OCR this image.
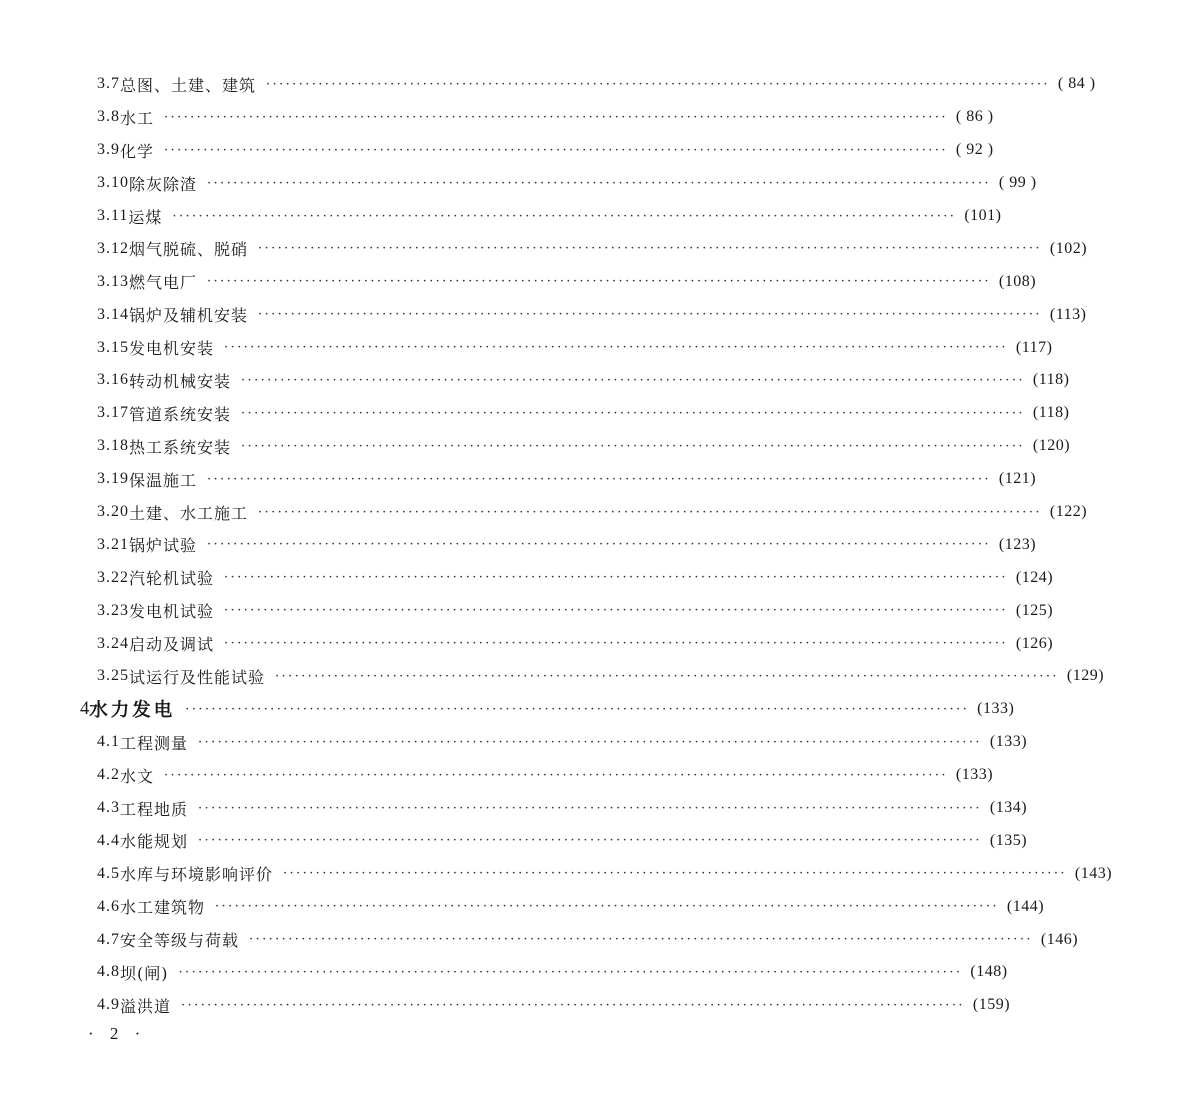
3.7 总图、土建、建筑 ························································································································ ( 84 )
3.8 水工 ························································································································ ( 86 )
3.9 化学 ························································································································ ( 92 )
3.10 除灰除渣 ························································································································ ( 99 )
3.11 运煤 ························································································································ (101)
3.12 烟气脱硫、脱硝 ························································································································ (102)
3.13 燃气电厂 ························································································································ (108)
3.14 锅炉及辅机安装 ························································································································ (113)
3.15 发电机安装 ························································································································ (117)
3.16 转动机械安装 ························································································································ (118)
3.17 管道系统安装 ························································································································ (118)
3.18 热工系统安装 ························································································································ (120)
3.19 保温施工 ························································································································ (121)
3.20 土建、水工施工 ························································································································ (122)
3.21 锅炉试验 ························································································································ (123)
3.22 汽轮机试验 ························································································································ (124)
3.23 发电机试验 ························································································································ (125)
3.24 启动及调试 ························································································································ (126)
3.25 试运行及性能试验 ························································································································ (129)
4 水力发电 ························································································································ (133)
4.1 工程测量 ························································································································ (133)
4.2 水文 ························································································································ (133)
4.3 工程地质 ························································································································ (134)
4.4 水能规划 ························································································································ (135)
4.5 水库与环境影响评价 ························································································································ (143)
4.6 水工建筑物 ························································································································ (144)
4.7 安全等级与荷载 ························································································································ (146)
4.8 坝(闸) ························································································································ (148)
4.9 溢洪道 ························································································································ (159)
· 2 ·
